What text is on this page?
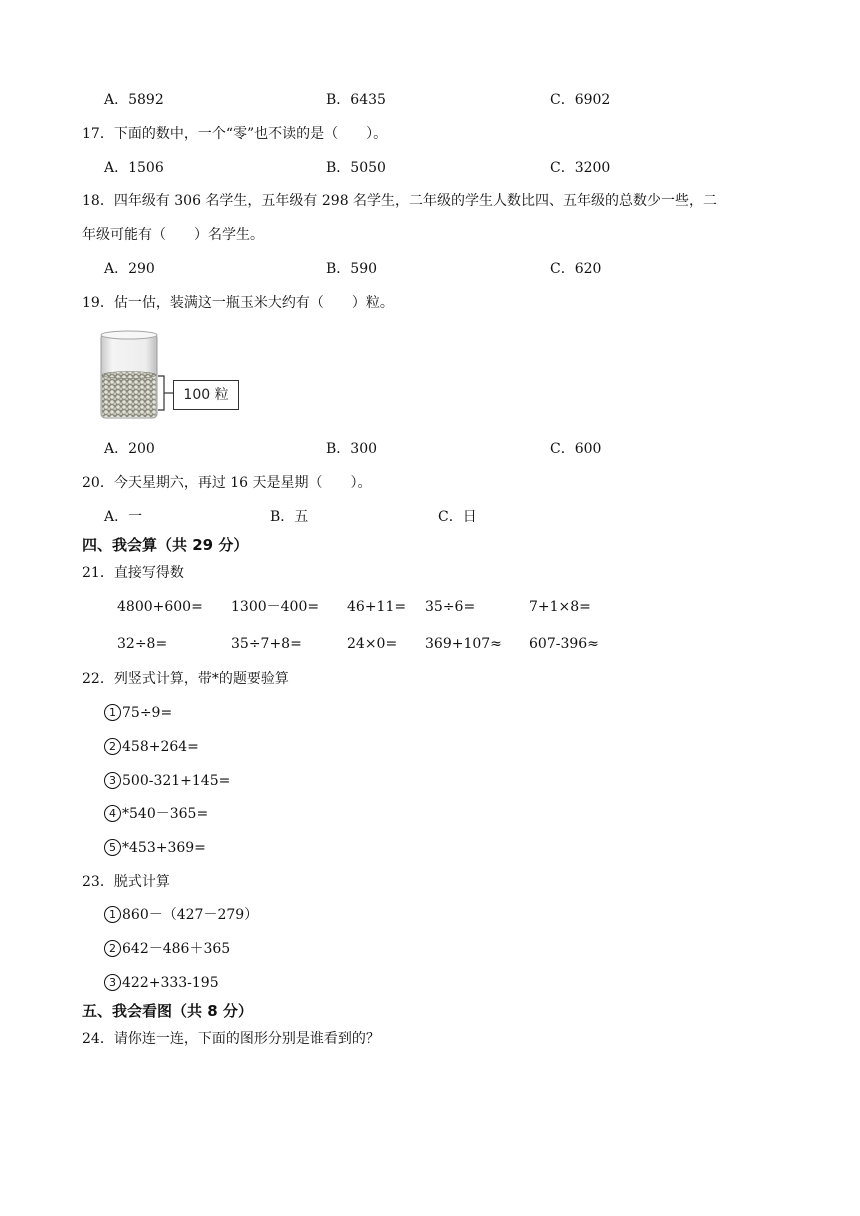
A．5892	B．6435	C．6902
17．下面的数中，一个“零”也不读的是（　　）。
A．1506	B．5050	C．3200
18．四年级有 306 名学生，五年级有 298 名学生，二年级的学生人数比四、五年级的总数少一些，二
年级可能有（　　）名学生。
A．290	B．590	C．620
19．估一估，装满这一瓶玉米大约有（　　）粒。
100 粒
A．200	B．300	C．600
20．今天星期六，再过 16 天是星期（　　）。
A．一	B．五	C．日
四、我会算（共 29 分）
21．直接写得数
4800+600= 1300－400= 46+11= 35÷6=	7+1×8=
32÷8=	35÷7+8=	24×0= 369+107≈ 607-396≈
22．列竖式计算，带*的题要验算
1 75÷9=
2 458+264=
3 500-321+145=
4 *540－365=
5 *453+369=
23．脱式计算
1 860－（427－279）
2 642－486＋365
3 422+333-195
五、我会看图（共 8 分）
24．请你连一连，下面的图形分别是谁看到的？
